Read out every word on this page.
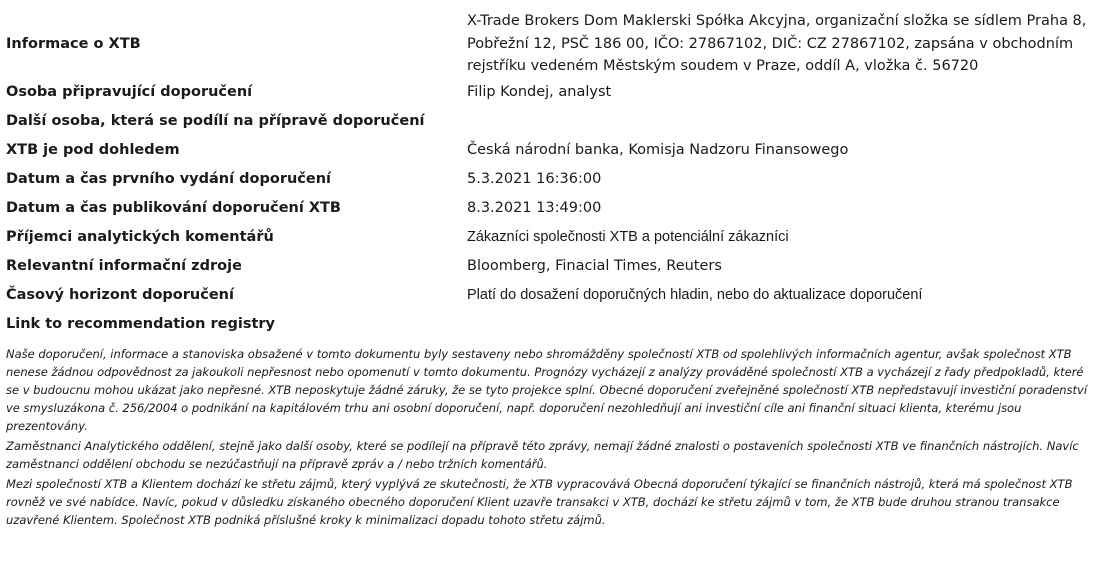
Informace o XTB	X-Trade Brokers Dom Maklerski Spółka Akcyjna, organizační složka se sídlem Praha 8, Pobřežní 12, PSČ 186 00, IČO: 27867102, DIČ: CZ 27867102, zapsána v obchodním rejstříku vedeném Městským soudem v Praze, oddíl A, vložka č. 56720
Osoba připravující doporučení	Filip Kondej, analyst
Další osoba, která se podílí na přípravě doporučení	
XTB je pod dohledem	Česká národní banka, Komisja Nadzoru Finansowego
Datum a čas prvního vydání doporučení	5.3.2021 16:36:00
Datum a čas publikování doporučení XTB	8.3.2021 13:49:00
Příjemci analytických komentářů	Zákazníci společnosti XTB a potenciální zákazníci
Relevantní informační zdroje	Bloomberg, Finacial Times, Reuters
Časový horizont doporučení	Platí do dosažení doporučných hladin, nebo do aktualizace doporučení
Link to recommendation registry	

Naše doporučení, informace a stanoviska obsažené v tomto dokumentu byly sestaveny nebo shromážděny společností XTB od spolehlivých informačních agentur, avšak společnost XTB nenese žádnou odpovědnost za jakoukoli nepřesnost nebo opomenutí v tomto dokumentu. Prognózy vycházejí z analýzy prováděné společností XTB a vycházejí z řady předpokladů, které se v budoucnu mohou ukázat jako nepřesné. XTB neposkytuje žádné záruky, že se tyto projekce splní. Obecné doporučení zveřejněné společností XTB nepředstavují investiční poradenství ve smysluzákona č. 256/2004 o podnikání na kapitálovém trhu ani osobní doporučení, např. doporučení nezohledňují ani investiční cíle ani finanční situaci klienta, kterému jsou prezentovány.

Zaměstnanci Analytického oddělení, stejně jako další osoby, které se podílejí na přípravě této zprávy, nemají žádné znalosti o postaveních společnosti XTB ve finančních nástrojích. Navíc zaměstnanci oddělení obchodu se nezúčastňují na přípravě zpráv a / nebo tržních komentářů.

Mezi společností XTB a Klientem dochází ke střetu zájmů, který vyplývá ze skutečnosti, že XTB vypracovává Obecná doporučení týkající se finančních nástrojů, která má společnost XTB rovněž ve své nabídce. Navíc, pokud v důsledku získaného obecného doporučení Klient uzavře transakci v XTB, dochází ke střetu zájmů v tom, že XTB bude druhou stranou transakce uzavřené Klientem. Společnost XTB podniká příslušné kroky k minimalizaci dopadu tohoto střetu zájmů.
